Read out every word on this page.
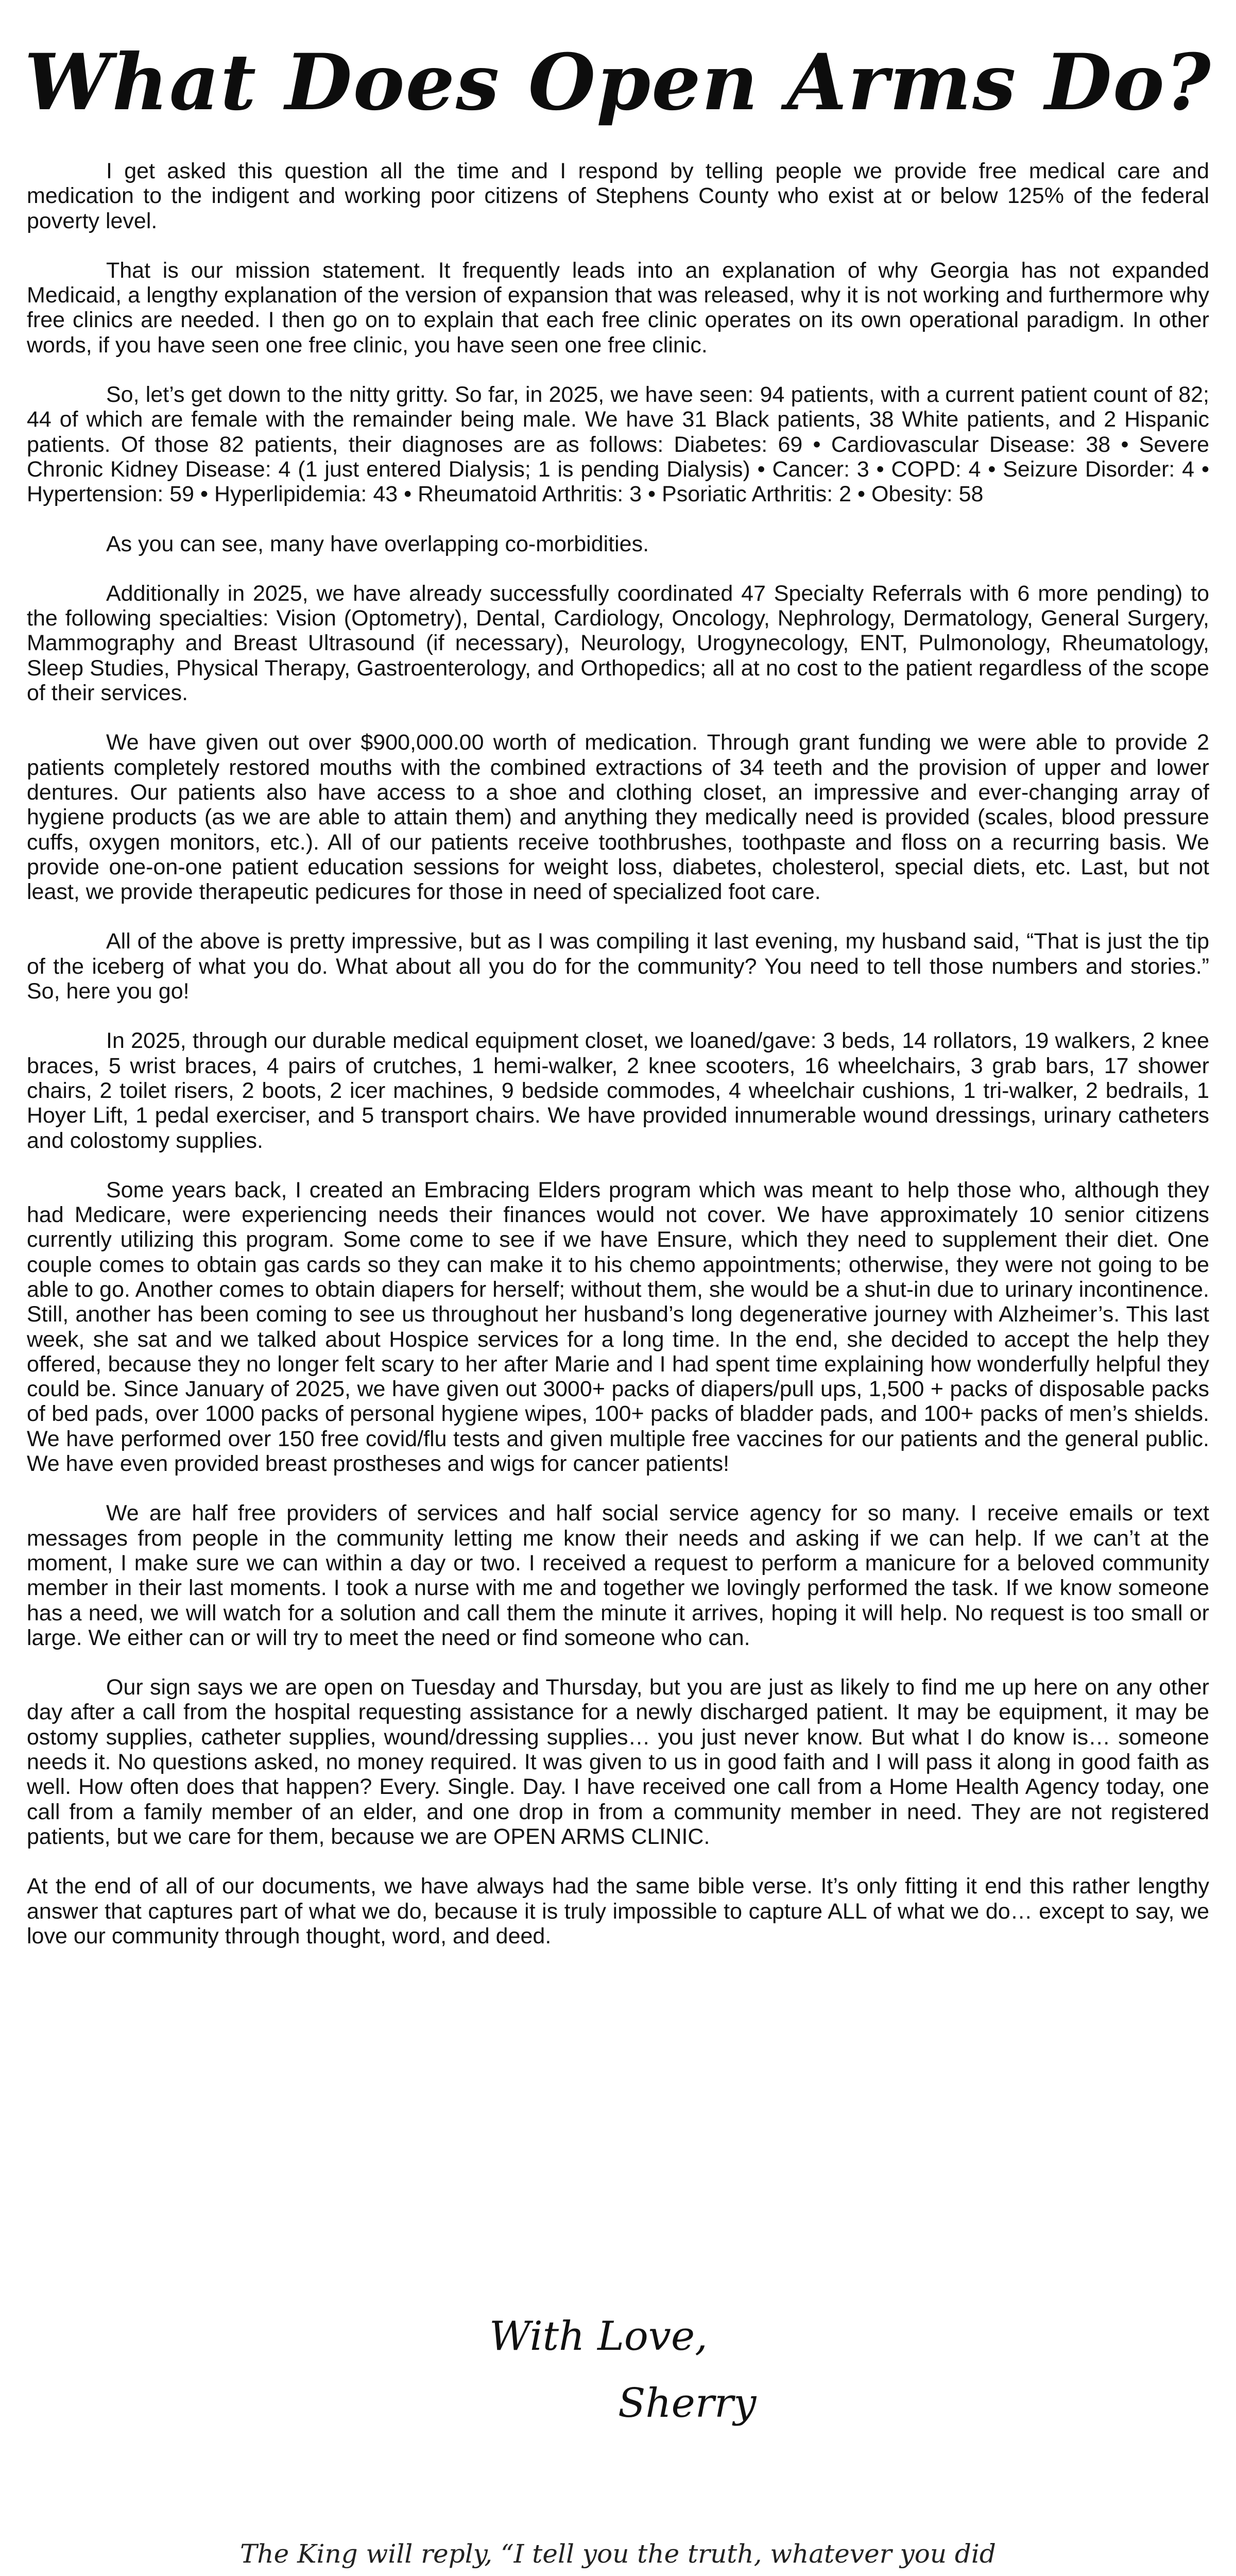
What Does Open Arms Do?

I get asked this question all the time and I respond by telling people we provide free medical care and medication to the indigent and working poor citizens of Stephens County who exist at or below 125% of the federal poverty level.

That is our mission statement. It frequently leads into an explanation of why Georgia has not expanded Medicaid, a lengthy explanation of the version of expansion that was released, why it is not working and furthermore why free clinics are needed. I then go on to explain that each free clinic operates on its own operational paradigm. In other words, if you have seen one free clinic, you have seen one free clinic.

So, let’s get down to the nitty gritty. So far, in 2025, we have seen: 94 patients, with a current patient count of 82; 44 of which are female with the remainder being male. We have 31 Black patients, 38 White patients, and 2 Hispanic patients. Of those 82 patients, their diagnoses are as follows: Diabetes: 69 • Cardiovascular Disease: 38 • Severe Chronic Kidney Disease: 4 (1 just entered Dialysis; 1 is pending Dialysis) • Cancer: 3 • COPD: 4 • Seizure Disorder: 4 • Hypertension: 59 • Hyperlipidemia: 43 • Rheumatoid Arthritis: 3 • Psoriatic Arthritis: 2 • Obesity: 58

As you can see, many have overlapping co-morbidities.

Additionally in 2025, we have already successfully coordinated 47 Specialty Referrals with 6 more pending) to the following specialties: Vision (Optometry), Dental, Cardiology, Oncology, Nephrology, Dermatology, General Surgery, Mammography and Breast Ultrasound (if necessary), Neurology, Urogynecology, ENT, Pulmonology, Rheumatology, Sleep Studies, Physical Therapy, Gastroenterology, and Orthopedics; all at no cost to the patient regardless of the scope of their services.

We have given out over $900,000.00 worth of medication. Through grant funding we were able to provide 2 patients completely restored mouths with the combined extractions of 34 teeth and the provision of upper and lower dentures. Our patients also have access to a shoe and clothing closet, an impressive and ever-changing array of hygiene products (as we are able to attain them) and anything they medically need is provided (scales, blood pressure cuffs, oxygen monitors, etc.). All of our patients receive toothbrushes, toothpaste and floss on a recurring basis. We provide one-on-one patient education sessions for weight loss, diabetes, cholesterol, special diets, etc. Last, but not least, we provide therapeutic pedicures for those in need of specialized foot care.

All of the above is pretty impressive, but as I was compiling it last evening, my husband said, “That is just the tip of the iceberg of what you do. What about all you do for the community? You need to tell those numbers and stories.” So, here you go!

In 2025, through our durable medical equipment closet, we loaned/gave: 3 beds, 14 rollators, 19 walkers, 2 knee braces, 5 wrist braces, 4 pairs of crutches, 1 hemi-walker, 2 knee scooters, 16 wheelchairs, 3 grab bars, 17 shower chairs, 2 toilet risers, 2 boots, 2 icer machines, 9 bedside commodes, 4 wheelchair cushions, 1 tri-walker, 2 bedrails, 1 Hoyer Lift, 1 pedal exerciser, and 5 transport chairs. We have provided innumerable wound dressings, urinary catheters and colostomy supplies.

Some years back, I created an Embracing Elders program which was meant to help those who, although they had Medicare, were experiencing needs their finances would not cover. We have approximately 10 senior citizens currently utilizing this program. Some come to see if we have Ensure, which they need to supplement their diet. One couple comes to obtain gas cards so they can make it to his chemo appointments; otherwise, they were not going to be able to go. Another comes to obtain diapers for herself; without them, she would be a shut-in due to urinary incontinence. Still, another has been coming to see us throughout her husband’s long degenerative journey with Alzheimer’s. This last week, she sat and we talked about Hospice services for a long time. In the end, she decided to accept the help they offered, because they no longer felt scary to her after Marie and I had spent time explaining how wonderfully helpful they could be. Since January of 2025, we have given out 3000+ packs of diapers/pull ups, 1,500 + packs of disposable packs of bed pads, over 1000 packs of personal hygiene wipes, 100+ packs of bladder pads, and 100+ packs of men’s shields. We have performed over 150 free covid/flu tests and given multiple free vaccines for our patients and the general public. We have even provided breast prostheses and wigs for cancer patients!

We are half free providers of services and half social service agency for so many. I receive emails or text messages from people in the community letting me know their needs and asking if we can help. If we can’t at the moment, I make sure we can within a day or two. I received a request to perform a manicure for a beloved community member in their last moments. I took a nurse with me and together we lovingly performed the task. If we know someone has a need, we will watch for a solution and call them the minute it arrives, hoping it will help. No request is too small or large. We either can or will try to meet the need or find someone who can.

Our sign says we are open on Tuesday and Thursday, but you are just as likely to find me up here on any other day after a call from the hospital requesting assistance for a newly discharged patient. It may be equipment, it may be ostomy supplies, catheter supplies, wound/dressing supplies… you just never know. But what I do know is… someone needs it. No questions asked, no money required. It was given to us in good faith and I will pass it along in good faith as well. How often does that happen? Every. Single. Day. I have received one call from a Home Health Agency today, one call from a family member of an elder, and one drop in from a community member in need. They are not registered patients, but we care for them, because we are OPEN ARMS CLINIC.

At the end of all of our documents, we have always had the same bible verse. It’s only fitting it end this rather lengthy answer that captures part of what we do, because it is truly impossible to capture ALL of what we do… except to say, we love our community through thought, word, and deed.

With Love,

Sherry

The King will reply, “I tell you the truth, whatever you did
